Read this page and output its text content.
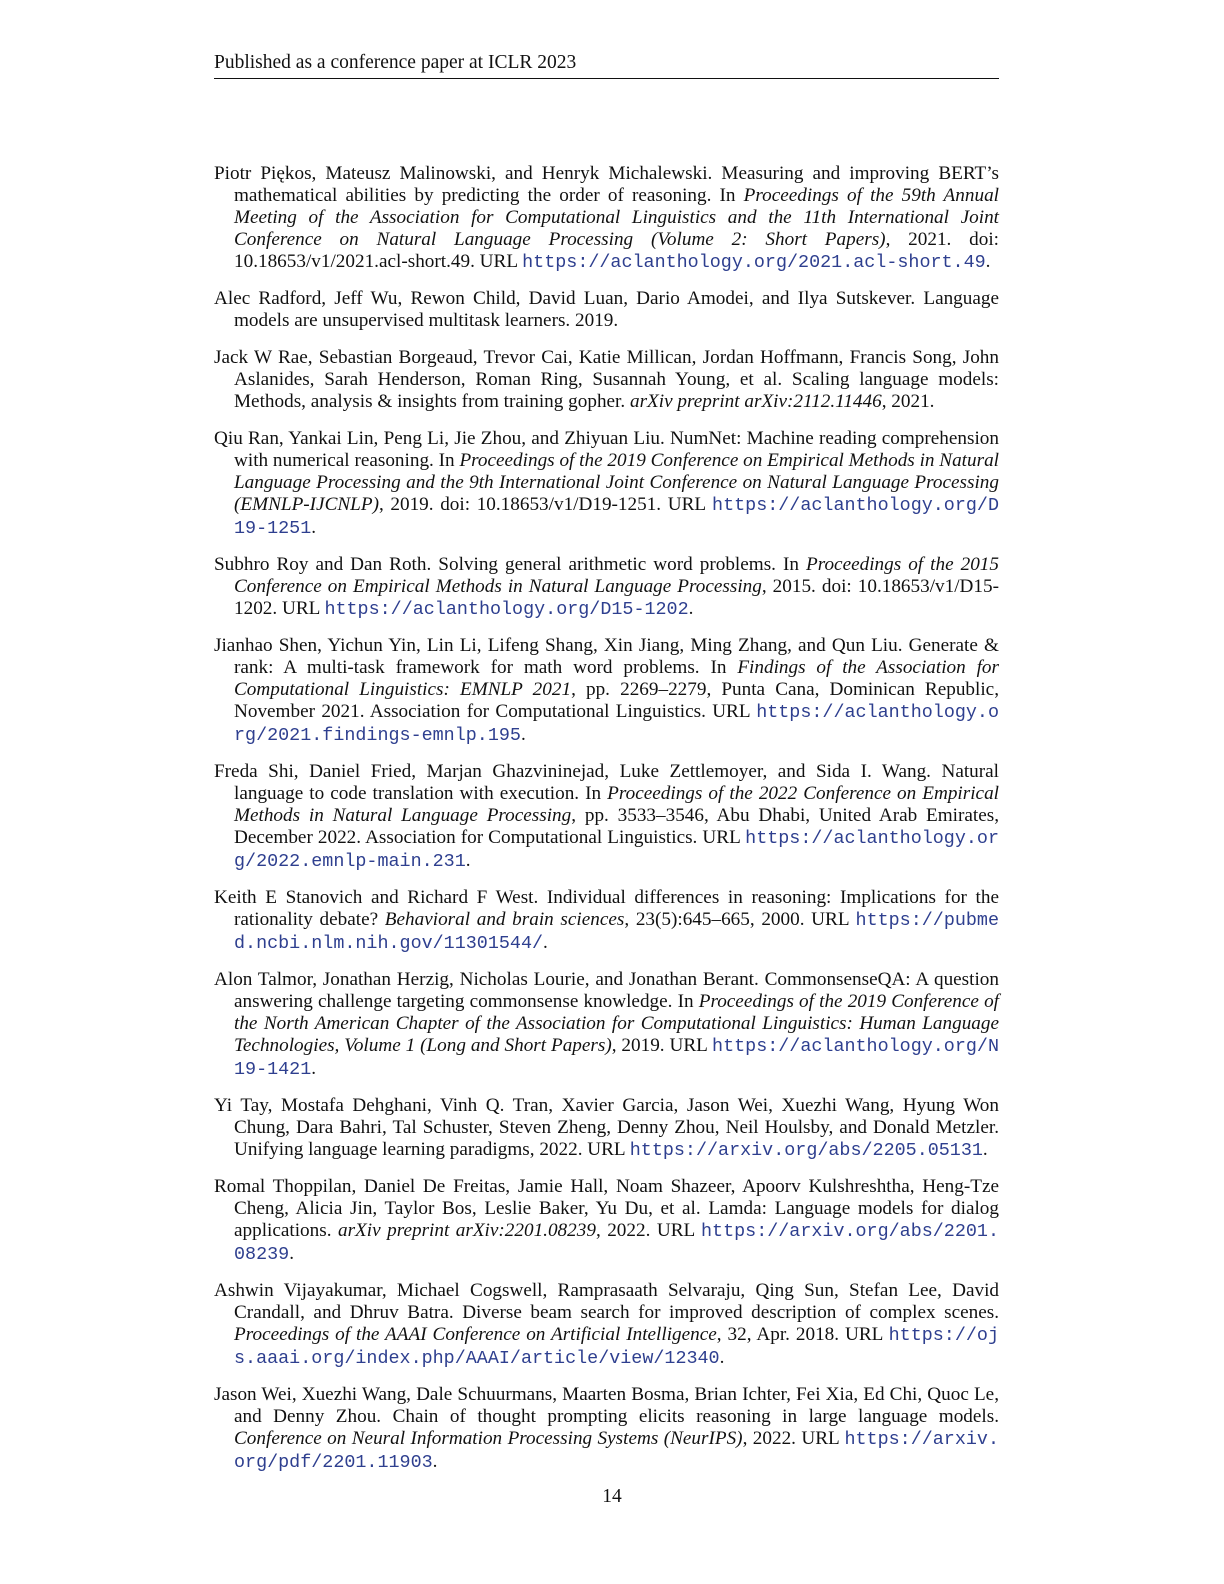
Published as a conference paper at ICLR 2023

Piotr Piękos, Mateusz Malinowski, and Henryk Michalewski. Measuring and improving BERT’s mathematical abilities by predicting the order of reasoning. In Proceedings of the 59th Annual Meeting of the Association for Computational Linguistics and the 11th International Joint Conference on Natural Language Processing (Volume 2: Short Papers), 2021. doi: 10.18653/v1/2021.acl-short.49. URL https://aclanthology.org/2021.acl-short.49.

Alec Radford, Jeff Wu, Rewon Child, David Luan, Dario Amodei, and Ilya Sutskever. Language models are unsupervised multitask learners. 2019.

Jack W Rae, Sebastian Borgeaud, Trevor Cai, Katie Millican, Jordan Hoffmann, Francis Song, John Aslanides, Sarah Henderson, Roman Ring, Susannah Young, et al. Scaling language models: Methods, analysis & insights from training gopher. arXiv preprint arXiv:2112.11446, 2021.

Qiu Ran, Yankai Lin, Peng Li, Jie Zhou, and Zhiyuan Liu. NumNet: Machine reading comprehension with numerical reasoning. In Proceedings of the 2019 Conference on Empirical Methods in Natural Language Processing and the 9th International Joint Conference on Natural Language Processing (EMNLP-IJCNLP), 2019. doi: 10.18653/v1/D19-1251. URL https://aclanthology.org/D19-1251.

Subhro Roy and Dan Roth. Solving general arithmetic word problems. In Proceedings of the 2015 Conference on Empirical Methods in Natural Language Processing, 2015. doi: 10.18653/v1/D15-1202. URL https://aclanthology.org/D15-1202.

Jianhao Shen, Yichun Yin, Lin Li, Lifeng Shang, Xin Jiang, Ming Zhang, and Qun Liu. Generate & rank: A multi-task framework for math word problems. In Findings of the Association for Computational Linguistics: EMNLP 2021, pp. 2269–2279, Punta Cana, Dominican Republic, November 2021. Association for Computational Linguistics. URL https://aclanthology.org/2021.findings-emnlp.195.

Freda Shi, Daniel Fried, Marjan Ghazvininejad, Luke Zettlemoyer, and Sida I. Wang. Natural language to code translation with execution. In Proceedings of the 2022 Conference on Empirical Methods in Natural Language Processing, pp. 3533–3546, Abu Dhabi, United Arab Emirates, December 2022. Association for Computational Linguistics. URL https://aclanthology.org/2022.emnlp-main.231.

Keith E Stanovich and Richard F West. Individual differences in reasoning: Implications for the rationality debate? Behavioral and brain sciences, 23(5):645–665, 2000. URL https://pubmed.ncbi.nlm.nih.gov/11301544/.

Alon Talmor, Jonathan Herzig, Nicholas Lourie, and Jonathan Berant. CommonsenseQA: A question answering challenge targeting commonsense knowledge. In Proceedings of the 2019 Conference of the North American Chapter of the Association for Computational Linguistics: Human Language Technologies, Volume 1 (Long and Short Papers), 2019. URL https://aclanthology.org/N19-1421.

Yi Tay, Mostafa Dehghani, Vinh Q. Tran, Xavier Garcia, Jason Wei, Xuezhi Wang, Hyung Won Chung, Dara Bahri, Tal Schuster, Steven Zheng, Denny Zhou, Neil Houlsby, and Donald Metzler. Unifying language learning paradigms, 2022. URL https://arxiv.org/abs/2205.05131.

Romal Thoppilan, Daniel De Freitas, Jamie Hall, Noam Shazeer, Apoorv Kulshreshtha, Heng-Tze Cheng, Alicia Jin, Taylor Bos, Leslie Baker, Yu Du, et al. Lamda: Language models for dialog applications. arXiv preprint arXiv:2201.08239, 2022. URL https://arxiv.org/abs/2201.08239.

Ashwin Vijayakumar, Michael Cogswell, Ramprasaath Selvaraju, Qing Sun, Stefan Lee, David Crandall, and Dhruv Batra. Diverse beam search for improved description of complex scenes. Proceedings of the AAAI Conference on Artificial Intelligence, 32, Apr. 2018. URL https://ojs.aaai.org/index.php/AAAI/article/view/12340.

Jason Wei, Xuezhi Wang, Dale Schuurmans, Maarten Bosma, Brian Ichter, Fei Xia, Ed Chi, Quoc Le, and Denny Zhou. Chain of thought prompting elicits reasoning in large language models. Conference on Neural Information Processing Systems (NeurIPS), 2022. URL https://arxiv.org/pdf/2201.11903.

14
